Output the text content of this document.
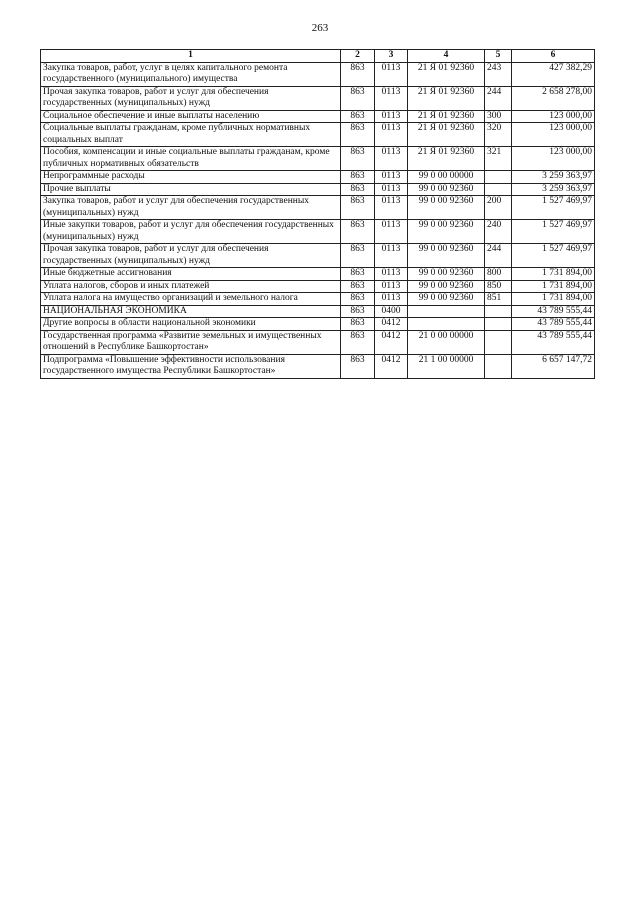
263
1	2	3	4	5	6
Закупка товаров, работ, услуг в целях капитального ремонта государственного (муниципального) имущества	863	0113	21 Я 01 92360	243	427 382,29
Прочая закупка товаров, работ и услуг для обеспечения государственных (муниципальных) нужд	863	0113	21 Я 01 92360	244	2 658 278,00
Социальное обеспечение и иные выплаты населению	863	0113	21 Я 01 92360	300	123 000,00
Социальные выплаты гражданам, кроме публичных нормативных социальных выплат	863	0113	21 Я 01 92360	320	123 000,00
Пособия, компенсации и иные социальные выплаты гражданам, кроме публичных нормативных обязательств	863	0113	21 Я 01 92360	321	123 000,00
Непрограммные расходы	863	0113	99 0 00 00000		3 259 363,97
Прочие выплаты	863	0113	99 0 00 92360		3 259 363,97
Закупка товаров, работ и услуг для обеспечения государственных (муниципальных) нужд	863	0113	99 0 00 92360	200	1 527 469,97
Иные закупки товаров, работ и услуг для обеспечения государственных (муниципальных) нужд	863	0113	99 0 00 92360	240	1 527 469,97
Прочая закупка товаров, работ и услуг для обеспечения государственных (муниципальных) нужд	863	0113	99 0 00 92360	244	1 527 469,97
Иные бюджетные ассигнования	863	0113	99 0 00 92360	800	1 731 894,00
Уплата налогов, сборов и иных платежей	863	0113	99 0 00 92360	850	1 731 894,00
Уплата налога на имущество организаций и земельного налога	863	0113	99 0 00 92360	851	1 731 894,00
НАЦИОНАЛЬНАЯ ЭКОНОМИКА	863	0400			43 789 555,44
Другие вопросы в области национальной экономики	863	0412			43 789 555,44
Государственная программа «Развитие земельных и имущественных отношений в Республике Башкортостан»	863	0412	21 0 00 00000		43 789 555,44
Подпрограмма «Повышение эффективности использования государственного имущества Республики Башкортостан»	863	0412	21 1 00 00000		6 657 147,72
